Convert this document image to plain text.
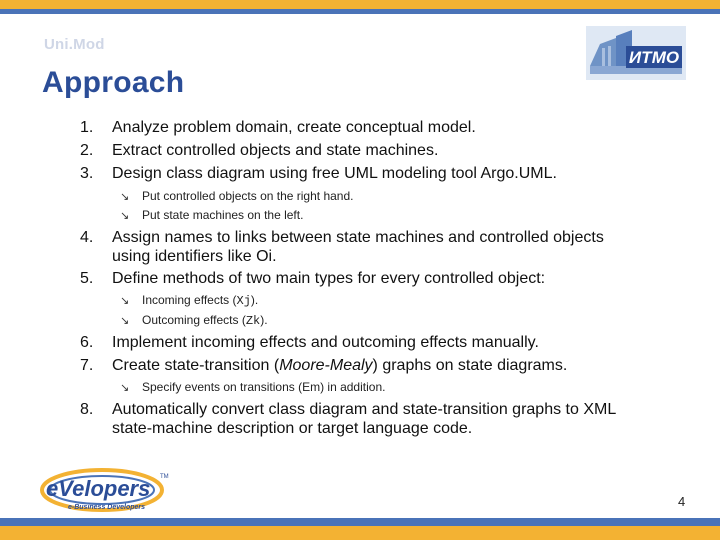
Uni.Mod
Approach
ИТМО
1. Analyze problem domain, create conceptual model.
2. Extract controlled objects and state machines.
3. Design class diagram using free UML modeling tool Argo.UML.
↘ Put controlled objects on the right hand.
↘ Put state machines on the left.
4. Assign names to links between state machines and controlled objects
using identifiers like Oi.
5. Define methods of two main types for every controlled object:
↘ Incoming effects (Xj).
↘ Outcoming effects (Zk).
6. Implement incoming effects and outcoming effects manually.
7. Create state-transition (Moore-Mealy) graphs on state diagrams.
↘ Specify events on transitions (Em) in addition.
8. Automatically convert class diagram and state-transition graphs to XML
state-machine description or target language code.
eVelopers TM
e-Business Developers	4
